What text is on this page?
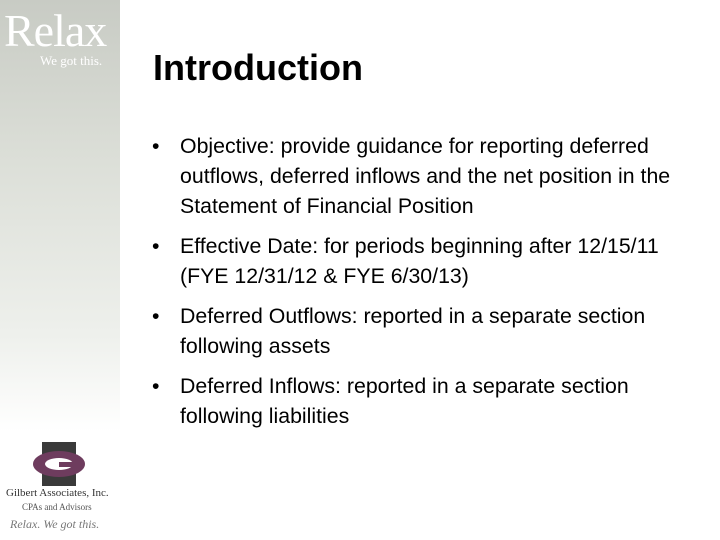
Relax
We got this.
Gilbert Associates, Inc.
CPAs and Advisors
Relax. We got this.
Introduction
• Objective: provide guidance for reporting deferred outflows, deferred inflows and the net position in the Statement of Financial Position
• Effective Date: for periods beginning after 12/15/11   (FYE 12/31/12 & FYE 6/30/13)
• Deferred Outflows: reported in a separate section following assets
• Deferred Inflows: reported in a separate section following liabilities
